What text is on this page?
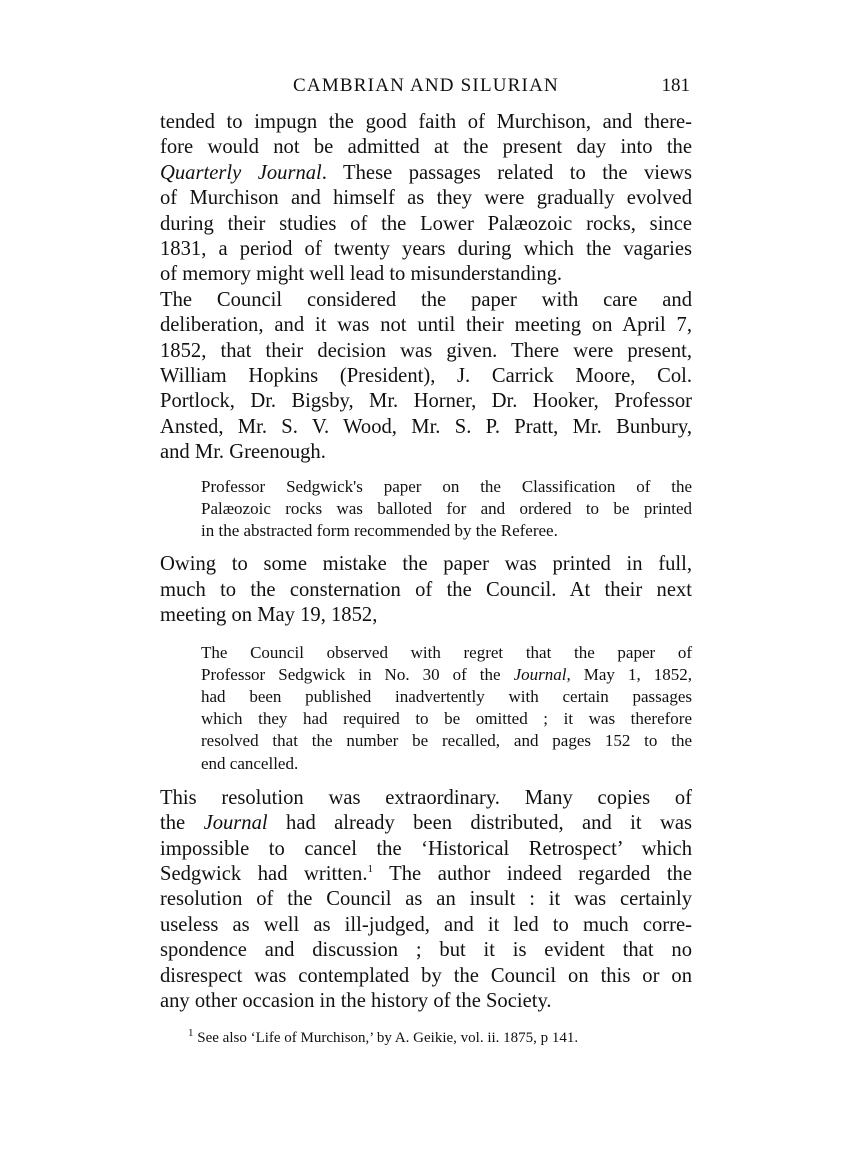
CAMBRIAN AND SILURIAN	181
tended to impugn the good faith of Murchison, and there-
fore would not be admitted at the present day into the
Quarterly Journal. These passages related to the views
of Murchison and himself as they were gradually evolved
during their studies of the Lower Palæozoic rocks, since
1831, a period of twenty years during which the vagaries
of memory might well lead to misunderstanding.
The Council considered the paper with care and
deliberation, and it was not until their meeting on April 7,
1852, that their decision was given. There were present,
William Hopkins (President), J. Carrick Moore, Col.
Portlock, Dr. Bigsby, Mr. Horner, Dr. Hooker, Professor
Ansted, Mr. S. V. Wood, Mr. S. P. Pratt, Mr. Bunbury,
and Mr. Greenough.
Professor Sedgwick's paper on the Classification of the
Palæozoic rocks was balloted for and ordered to be printed
in the abstracted form recommended by the Referee.
Owing to some mistake the paper was printed in full,
much to the consternation of the Council. At their next
meeting on May 19, 1852,
The Council observed with regret that the paper of
Professor Sedgwick in No. 30 of the Journal, May 1, 1852,
had been published inadvertently with certain passages
which they had required to be omitted ; it was therefore
resolved that the number be recalled, and pages 152 to the
end cancelled.
This resolution was extraordinary. Many copies of
the Journal had already been distributed, and it was
impossible to cancel the ‘Historical Retrospect’ which
Sedgwick had written.$^1$ The author indeed regarded the
resolution of the Council as an insult : it was certainly
useless as well as ill-judged, and it led to much corre-
spondence and discussion ; but it is evident that no
disrespect was contemplated by the Council on this or on
any other occasion in the history of the Society.
$^1$ See also ‘Life of Murchison,’ by A. Geikie, vol. ii. 1875, p 141.
